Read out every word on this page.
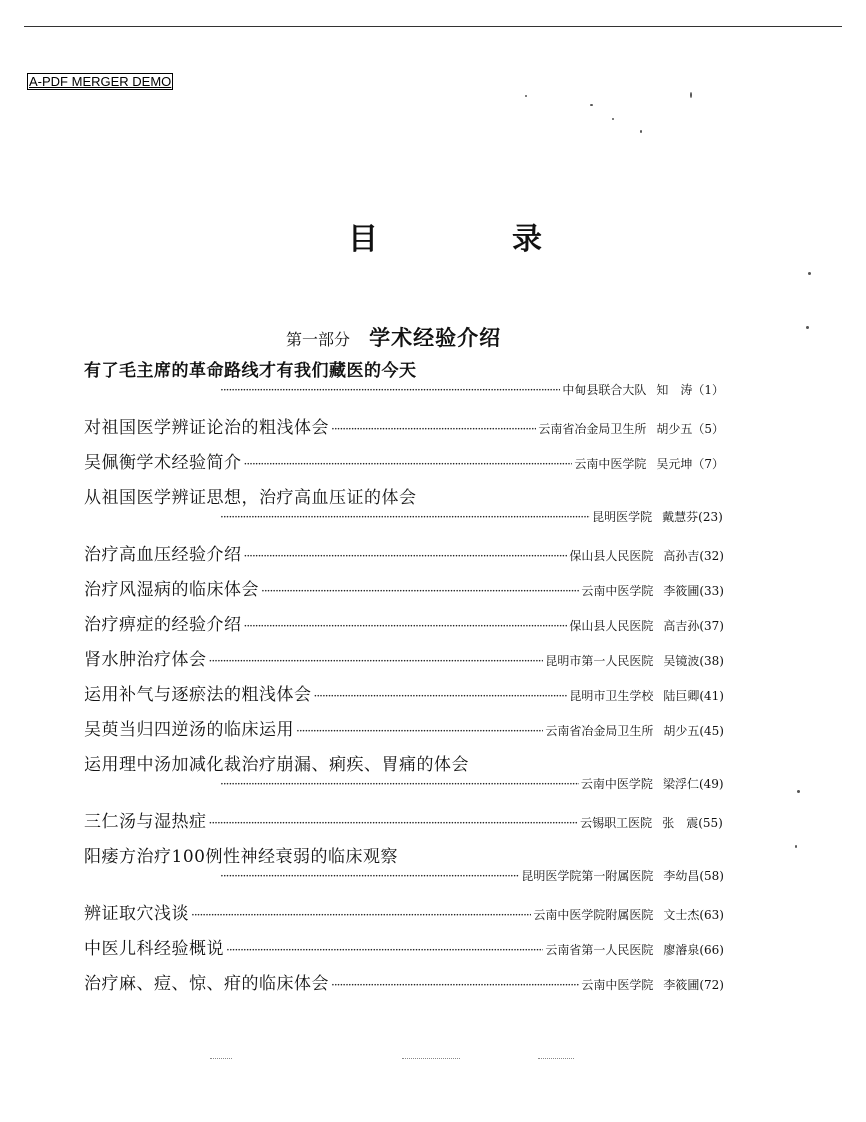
A-PDF MERGER DEMO
目　录
第一部分 学术经验介绍
有了毛主席的革命路线才有我们藏医的今天
·····
中甸县联合大队 知　涛 （1）
对祖国医学辨证论治的粗浅体会 ·····	云南省冶金局卫生所 胡少五 （5）
吴佩衡学术经验简介 ·····	云南中医学院 吴元坤 （7）
从祖国医学辨证思想，治疗高血压证的体会
·····
昆明医学院 戴慧芬 (23)
治疗高血压经验介绍 ·····	保山县人民医院 高孙吉 (32)
治疗风湿病的临床体会 ·····	云南中医学院 李筱圃 (33)
治疗痹症的经验介绍 ·····	保山县人民医院 高吉孙 (37)
肾水肿治疗体会 ·····	昆明市第一人民医院 吴镜波 (38)
运用补气与逐瘀法的粗浅体会 ·····	昆明市卫生学校 陆巨卿 (41)
吴萸当归四逆汤的临床运用 ·····	云南省冶金局卫生所 胡少五 (45)
运用理中汤加减化裁治疗崩漏、痢疾、胃痛的体会
·····
云南中医学院 梁浮仁 (49)
三仁汤与湿热症 ·····	云锡职工医院 张　震 (55)
阳痿方治疗100例性神经衰弱的临床观察
·····
昆明医学院第一附属医院 李幼昌 (58)
辨证取穴浅谈 ·····	云南中医学院附属医院 文士杰 (63)
中医儿科经验概说 ·····	云南省第一人民医院 廖濬泉 (66)
治疗麻、痘、惊、疳的临床体会 ·····	云南中医学院 李筱圃 (72)
